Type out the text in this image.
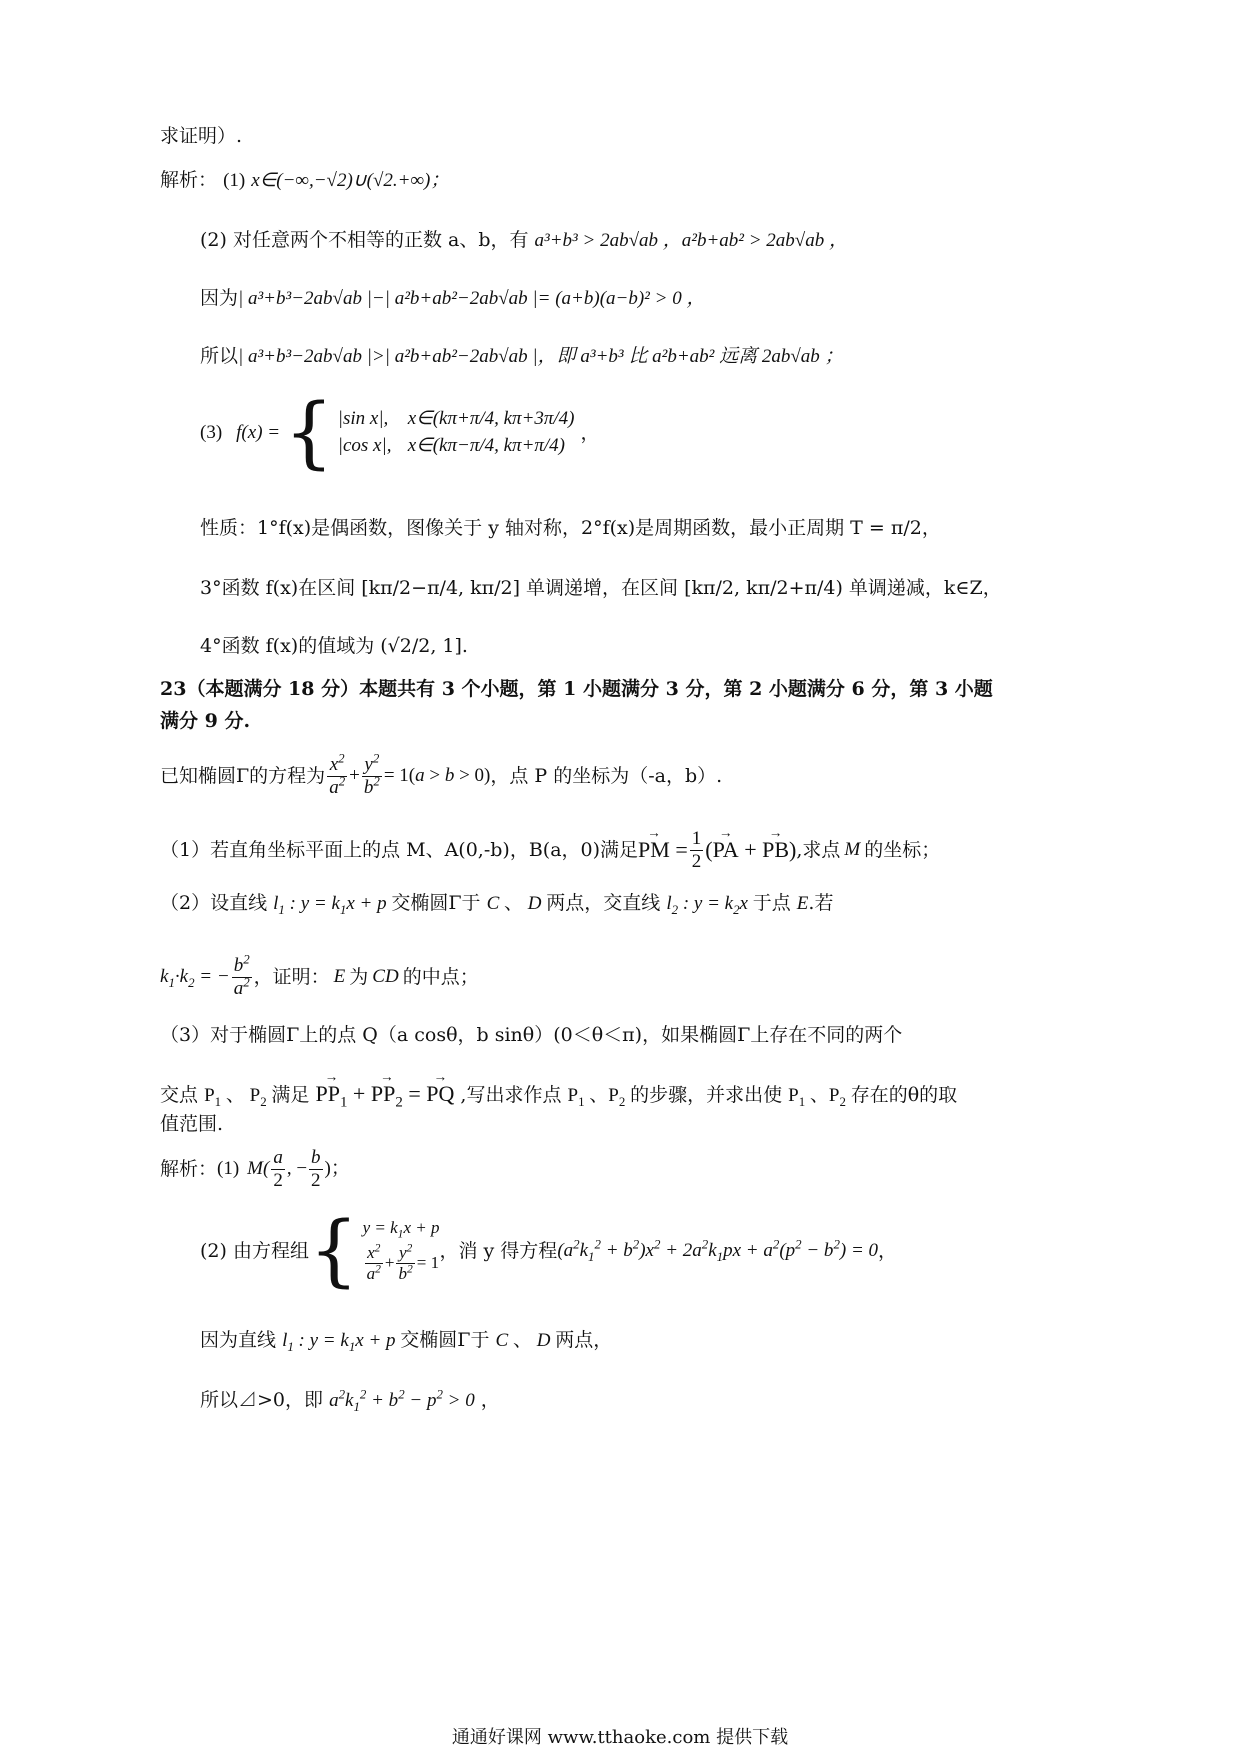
求证明）.
解析： (1) x∈(−∞,−√2)∪(√2.+∞)；
(2) 对任意两个不相等的正数 a、b，有 a³+b³ > 2ab√ab ，a²b+ab² > 2ab√ab ，
因为| a³+b³−2ab√ab |−| a²b+ab²−2ab√ab |= (a+b)(a−b)² > 0 ，
所以| a³+b³−2ab√ab |>| a²b+ab²−2ab√ab |，即 a³+b³ 比 a²b+ab² 远离 2ab√ab ；
(3) f(x) = { |sin x|, x∈(kπ+π/4, kπ+3π/4)
|cos x|, x∈(kπ−π/4, kπ+π/4)
，
性质：1°f(x)是偶函数，图像关于 y 轴对称，2°f(x)是周期函数，最小正周期 T = π/2，
3°函数 f(x)在区间 [kπ/2−π/4, kπ/2] 单调递增，在区间 [kπ/2, kπ/2+π/4) 单调递减，k∈Z，
4°函数 f(x)的值域为 (√2/2, 1].
23（本题满分 18 分）本题共有 3 个小题，第 1 小题满分 3 分，第 2 小题满分 6 分，第 3 小题
满分 9 分.
已知椭圆Γ的方程为 $\frac{x^2}{a^2} + \frac{y^2}{b^2} = 1(a > b > 0)$ ，点 P 的坐标为（-a，b）.
（1）若直角坐标平面上的点 M、A(0,-b)，B(a，0)满足 → PM = $\frac{1}{2}$ (→ PA + → PB) ,求点 M 的坐标；
（2）设直线 $l_1$ : $y = k_1x + p$ 交椭圆Γ于 C 、 D 两点，交直线 $l_2$ : $y = k_2x$ 于点 E.若
$k_1\cdot k_2$ = − $\frac{b^2}{a^2}$ ，证明： E 为 CD 的中点；
（3）对于椭圆Γ上的点 Q（a cosθ，b sinθ）(0＜θ＜π)，如果椭圆Γ上存在不同的两个
交点 $P_1$ 、 $P_2$ 满足 → $PP_1$ + → $PP_2$ = → PQ ,写出求作点 $P_1$ 、$P_2$ 的步骤，并求出使 $P_1$ 、$P_2$ 存在的θ的取
值范围.
解析： (1) $M( \frac{a}{2}$ , − $\frac{b}{2}$ )；
(2) 由方程组 { $y = k_1x + p$
$\frac{x^2}{a^2} + \frac{y^2}{b^2} = 1$
，消 y 得方程 $(a^2k_1^2 + b^2)x^2 + 2a^2k_1px + a^2(p^2 - b^2) = 0$ ，
因为直线 $l_1$ : $y = k_1x + p$ 交椭圆Γ于 C 、 D 两点，
所以⊿>0，即 $a^2k_1^2 + b^2 - p^2 > 0$ ，
通通好课网 www.tthaoke.com 提供下载
